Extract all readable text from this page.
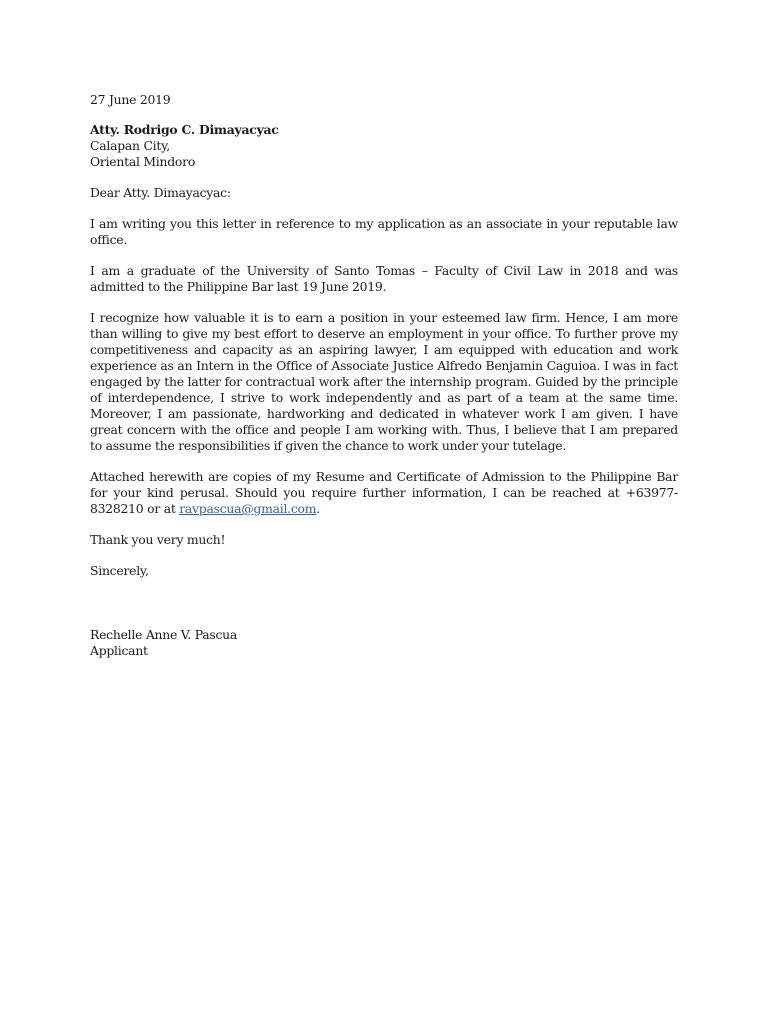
27 June 2019
Atty. Rodrigo C. Dimayacyac
Calapan City,
Oriental Mindoro
Dear Atty. Dimayacyac:

I am writing you this letter in reference to my application as an associate in your reputable law office.

I am a graduate of the University of Santo Tomas – Faculty of Civil Law in 2018 and was admitted to the Philippine Bar last 19 June 2019.

I recognize how valuable it is to earn a position in your esteemed law firm. Hence, I am more than willing to give my best effort to deserve an employment in your office. To further prove my competitiveness and capacity as an aspiring lawyer, I am equipped with education and work experience as an Intern in the Office of Associate Justice Alfredo Benjamin Caguioa. I was in fact engaged by the latter for contractual work after the internship program. Guided by the principle of interdependence, I strive to work independently and as part of a team at the same time. Moreover, I am passionate, hardworking and dedicated in whatever work I am given. I have great concern with the office and people I am working with. Thus, I believe that I am prepared to assume the responsibilities if given the chance to work under your tutelage.

Attached herewith are copies of my Resume and Certificate of Admission to the Philippine Bar for your kind perusal. Should you require further information, I can be reached at +63977-8328210 or at ravpascua@gmail.com.

Thank you very much!
Sincerely,
Rechelle Anne V. Pascua
Applicant
